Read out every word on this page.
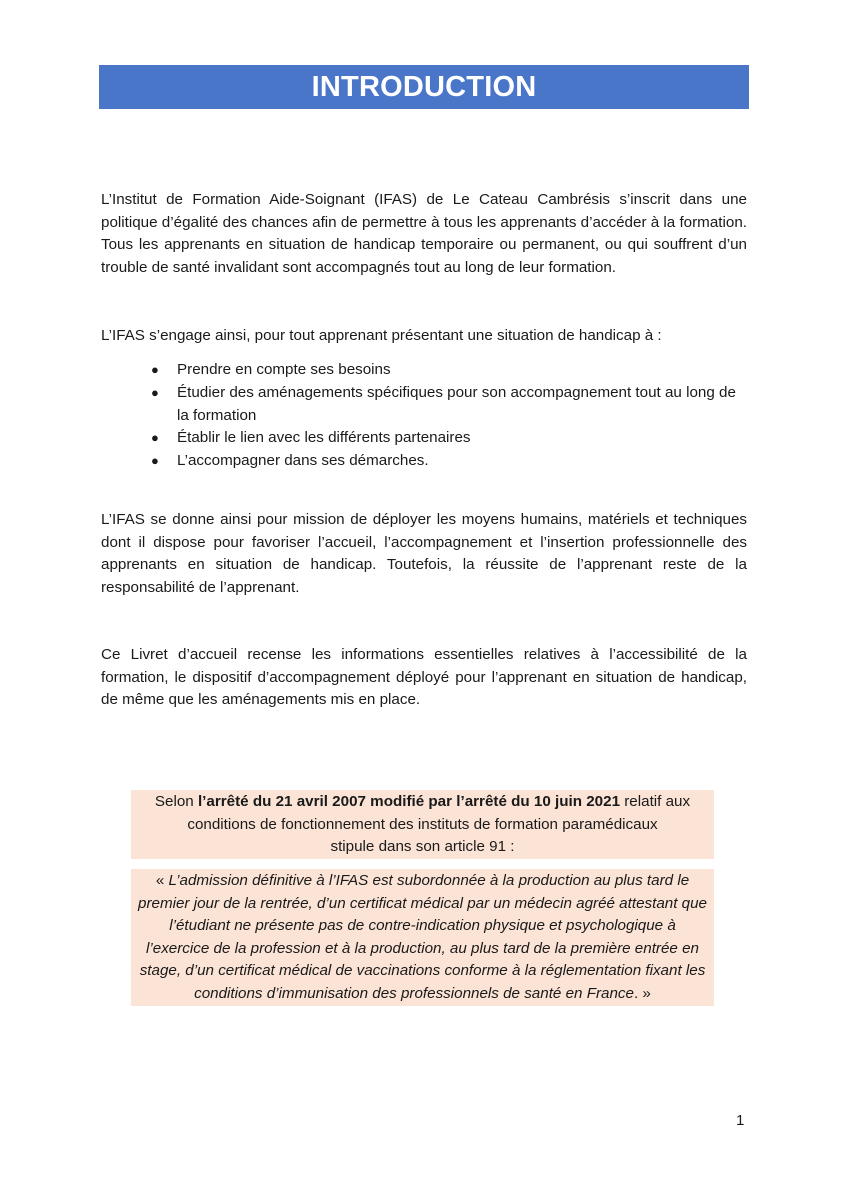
INTRODUCTION

L’Institut de Formation Aide-Soignant (IFAS) de Le Cateau Cambrésis s’inscrit dans une politique d’égalité des chances afin de permettre à tous les apprenants d’accéder à la formation. Tous les apprenants en situation de handicap temporaire ou permanent, ou qui souffrent d’un trouble de santé invalidant sont accompagnés tout au long de leur formation.

L’IFAS s’engage ainsi, pour tout apprenant présentant une situation de handicap à :

● Prendre en compte ses besoins
● Étudier des aménagements spécifiques pour son accompagnement tout au long de la formation
● Établir le lien avec les différents partenaires
● L’accompagner dans ses démarches.

L’IFAS se donne ainsi pour mission de déployer les moyens humains, matériels et techniques dont il dispose pour favoriser l’accueil, l’accompagnement et l’insertion professionnelle des apprenants en situation de handicap. Toutefois, la réussite de l’apprenant reste de la responsabilité de l’apprenant.

Ce Livret d’accueil recense les informations essentielles relatives à l’accessibilité de la formation, le dispositif d’accompagnement déployé pour l’apprenant en situation de handicap, de même que les aménagements mis en place.

Selon l’arrêté du 21 avril 2007 modifié par l’arrêté du 10 juin 2021 relatif aux conditions de fonctionnement des instituts de formation paramédicaux
stipule dans son article 91 :
« L’admission définitive à l’IFAS est subordonnée à la production au plus tard le premier jour de la rentrée, d’un certificat médical par un médecin agréé attestant que l’étudiant ne présente pas de contre-indication physique et psychologique à l’exercice de la profession et à la production, au plus tard de la première entrée en stage, d’un certificat médical de vaccinations conforme à la réglementation fixant les conditions d’immunisation des professionnels de santé en France. »
1
